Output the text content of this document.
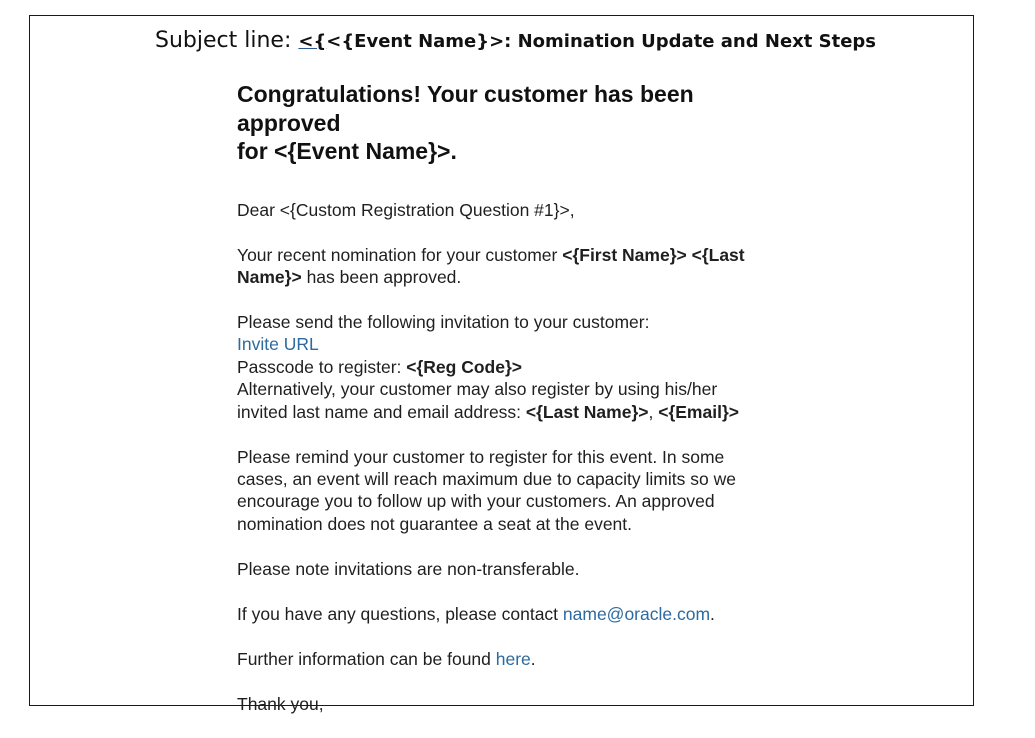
Subject line: <{<{Event Name}>: Nomination Update and Next Steps
Congratulations! Your customer has been approved
for <{Event Name}>.

Dear <{Custom Registration Question #1}>,

Your recent nomination for your customer <{First Name}> <{Last
Name}> has been approved.

Please send the following invitation to your customer:
Invite URL
Passcode to register: <{Reg Code}>
Alternatively, your customer may also register by using his/her
invited last name and email address: <{Last Name}>, <{Email}>

Please remind your customer to register for this event. In some
cases, an event will reach maximum due to capacity limits so we
encourage you to follow up with your customers. An approved
nomination does not guarantee a seat at the event.

Please note invitations are non-transferable.

If you have any questions, please contact name@oracle.com.

Further information can be found here.

Thank you,
